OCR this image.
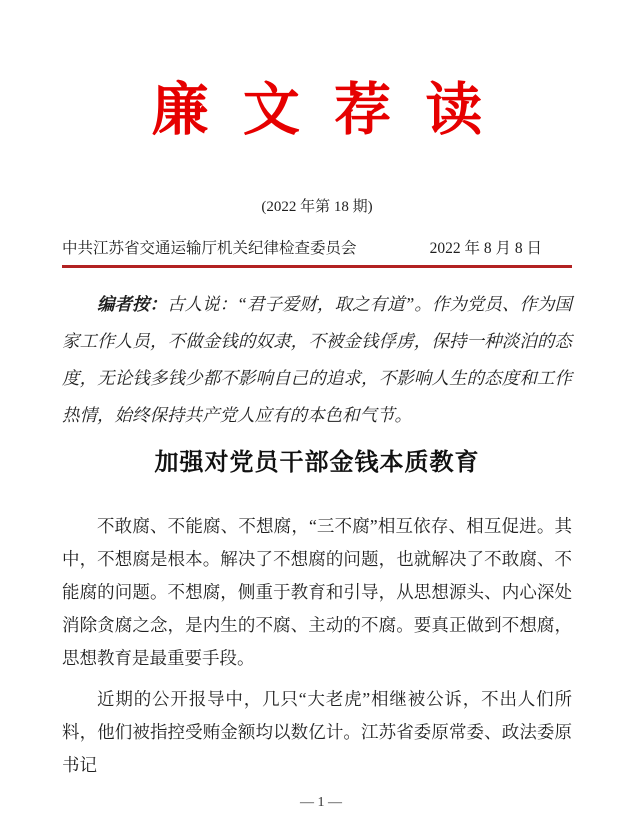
廉 文 荐 读
(2022 年第 18 期)
中共江苏省交通运输厅机关纪律检查委员会	2022 年 8 月 8 日

编者按：古人说：“君子爱财，取之有道”。作为党员、作为国家工作人员，不做金钱的奴隶，不被金钱俘虏，保持一种淡泊的态度，无论钱多钱少都不影响自己的追求，不影响人生的态度和工作热情，始终保持共产党人应有的本色和气节。

加强对党员干部金钱本质教育

不敢腐、不能腐、不想腐，“三不腐”相互依存、相互促进。其中，不想腐是根本。解决了不想腐的问题，也就解决了不敢腐、不能腐的问题。不想腐，侧重于教育和引导，从思想源头、内心深处消除贪腐之念，是内生的不腐、主动的不腐。要真正做到不想腐，思想教育是最重要手段。

近期的公开报导中，几只“大老虎”相继被公诉，不出人们所料，他们被指控受贿金额均以数亿计。江苏省委原常委、政法委原书记

— 1 —
